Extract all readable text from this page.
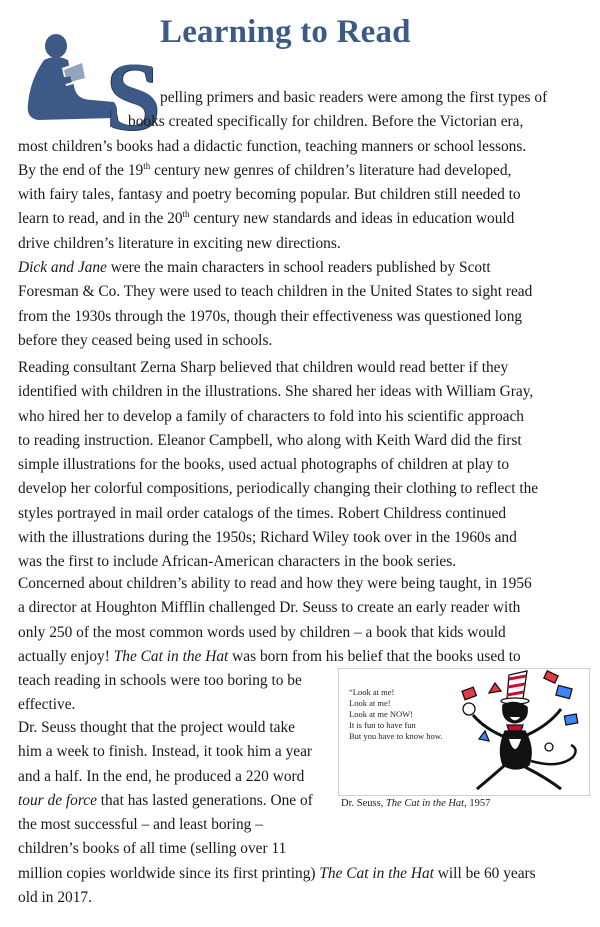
Learning to Read
S pelling primers and basic readers were among the first types of
books created specifically for children. Before the Victorian era,
most children’s books had a didactic function, teaching manners or school lessons.
By the end of the 19th century new genres of children’s literature had developed,
with fairy tales, fantasy and poetry becoming popular. But children still needed to
learn to read, and in the 20th century new standards and ideas in education would
drive children’s literature in exciting new directions.

Dick and Jane were the main characters in school readers published by Scott
Foresman & Co. They were used to teach children in the United States to sight read
from the 1930s through the 1970s, though their effectiveness was questioned long
before they ceased being used in schools.

Reading consultant Zerna Sharp believed that children would read better if they
identified with children in the illustrations. She shared her ideas with William Gray,
who hired her to develop a family of characters to fold into his scientific approach
to reading instruction. Eleanor Campbell, who along with Keith Ward did the first
simple illustrations for the books, used actual photographs of children at play to
develop her colorful compositions, periodically changing their clothing to reflect the
styles portrayed in mail order catalogs of the times. Robert Childress continued
with the illustrations during the 1950s; Richard Wiley took over in the 1960s and
was the first to include African-American characters in the book series.

Concerned about children’s ability to read and how they were being taught, in 1956
a director at Houghton Mifflin challenged Dr. Seuss to create an early reader with
only 250 of the most common words used by children – a book that kids would
actually enjoy! The Cat in the Hat was born from his belief that the books used to
teach reading in schools were too boring to be
effective.

Dr. Seuss thought that the project would take
him a week to finish. Instead, it took him a year
and a half. In the end, he produced a 220 word
tour de force that has lasted generations. One of
the most successful – and least boring –
children’s books of all time (selling over 11
million copies worldwide since its first printing) The Cat in the Hat will be 60 years
old in 2017.

“Look at me!
Look at me!
Look at me NOW!
It is fun to have fun
But you have to know how.
Dr. Seuss, The Cat in the Hat, 1957
